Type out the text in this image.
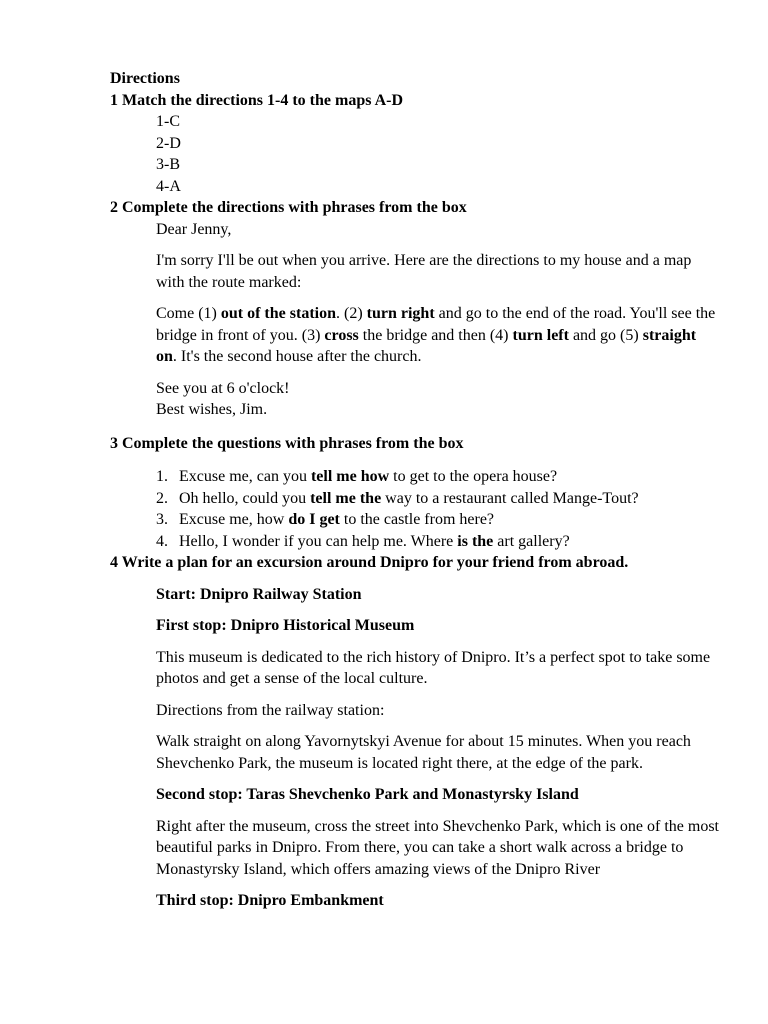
Directions

1 Match the directions 1-4 to the maps A-D

1-C

2-D

3-B

4-A

2 Complete the directions with phrases from the box

Dear Jenny,

I'm sorry I'll be out when you arrive. Here are the directions to my house and a map with the route marked:

Come (1) out of the station. (2) turn right and go to the end of the road. You'll see the bridge in front of you. (3) cross the bridge and then (4) turn left and go (5) straight on. It's the second house after the church.

See you at 6 o'clock!

Best wishes, Jim.

3 Complete the questions with phrases from the box

1. Excuse me, can you tell me how to get to the opera house?
2. Oh hello, could you tell me the way to a restaurant called Mange-Tout?
3. Excuse me, how do I get to the castle from here?
4. Hello, I wonder if you can help me. Where is the art gallery?

4 Write a plan for an excursion around Dnipro for your friend from abroad.

Start: Dnipro Railway Station

First stop: Dnipro Historical Museum

This museum is dedicated to the rich history of Dnipro. It’s a perfect spot to take some photos and get a sense of the local culture.

Directions from the railway station:

Walk straight on along Yavornytskyi Avenue for about 15 minutes. When you reach Shevchenko Park, the museum is located right there, at the edge of the park.

Second stop: Taras Shevchenko Park and Monastyrsky Island

Right after the museum, cross the street into Shevchenko Park, which is one of the most beautiful parks in Dnipro. From there, you can take a short walk across a bridge to Monastyrsky Island, which offers amazing views of the Dnipro River

Third stop: Dnipro Embankment
